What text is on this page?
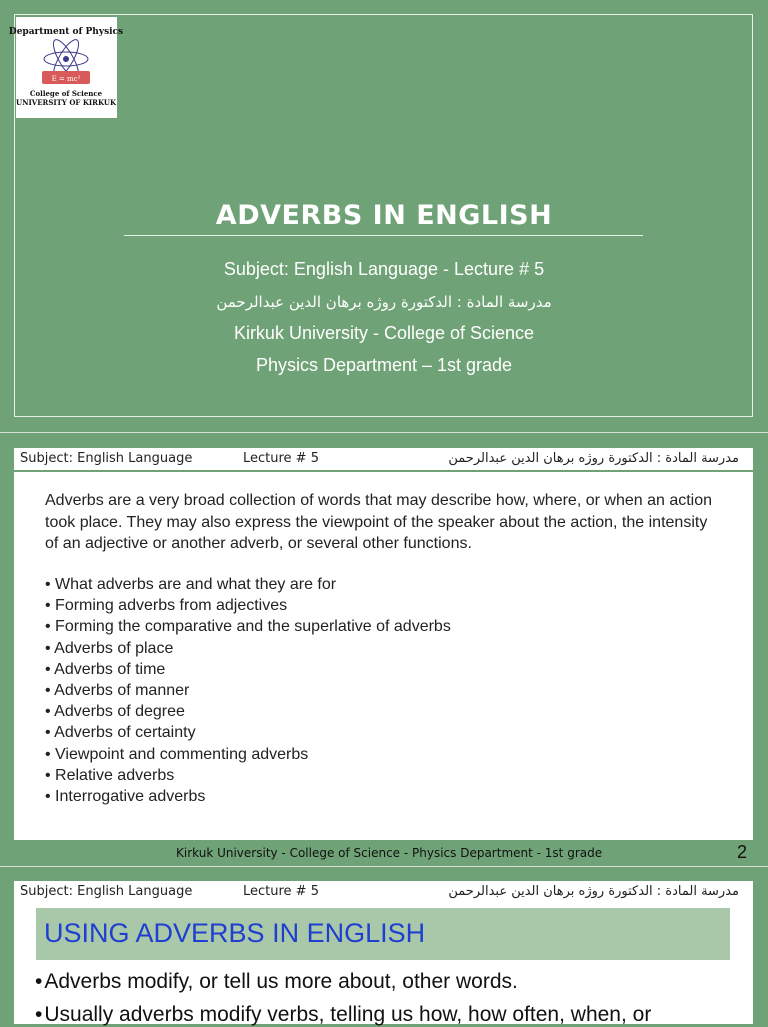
Department of Physics
E = mc²
College of Science
UNIVERSITY OF KIRKUK
ADVERBS IN ENGLISH
Subject: English Language - Lecture # 5
مدرسة المادة : الدكتورة روژه برهان الدين عبدالرحمن
Kirkuk University - College of Science
Physics Department – 1st grade
Subject: English Language	Lecture # 5	مدرسة المادة : الدكتورة روژه برهان الدين عبدالرحمن
Adverbs are a very broad collection of words that may describe how, where, or when an action took place. They may also express the viewpoint of the speaker about the action, the intensity of an adjective or another adverb, or several other functions.
• What adverbs are and what they are for
• Forming adverbs from adjectives
• Forming the comparative and the superlative of adverbs
• Adverbs of place
• Adverbs of time
• Adverbs of manner
• Adverbs of degree
• Adverbs of certainty
• Viewpoint and commenting adverbs
• Relative adverbs
• Interrogative adverbs
Kirkuk University - College of Science - Physics Department - 1st grade	2
Subject: English Language	Lecture # 5	مدرسة المادة : الدكتورة روژه برهان الدين عبدالرحمن
USING ADVERBS IN ENGLISH
• Adverbs modify, or tell us more about, other words.
• Usually adverbs modify verbs, telling us how, how often, when, or
